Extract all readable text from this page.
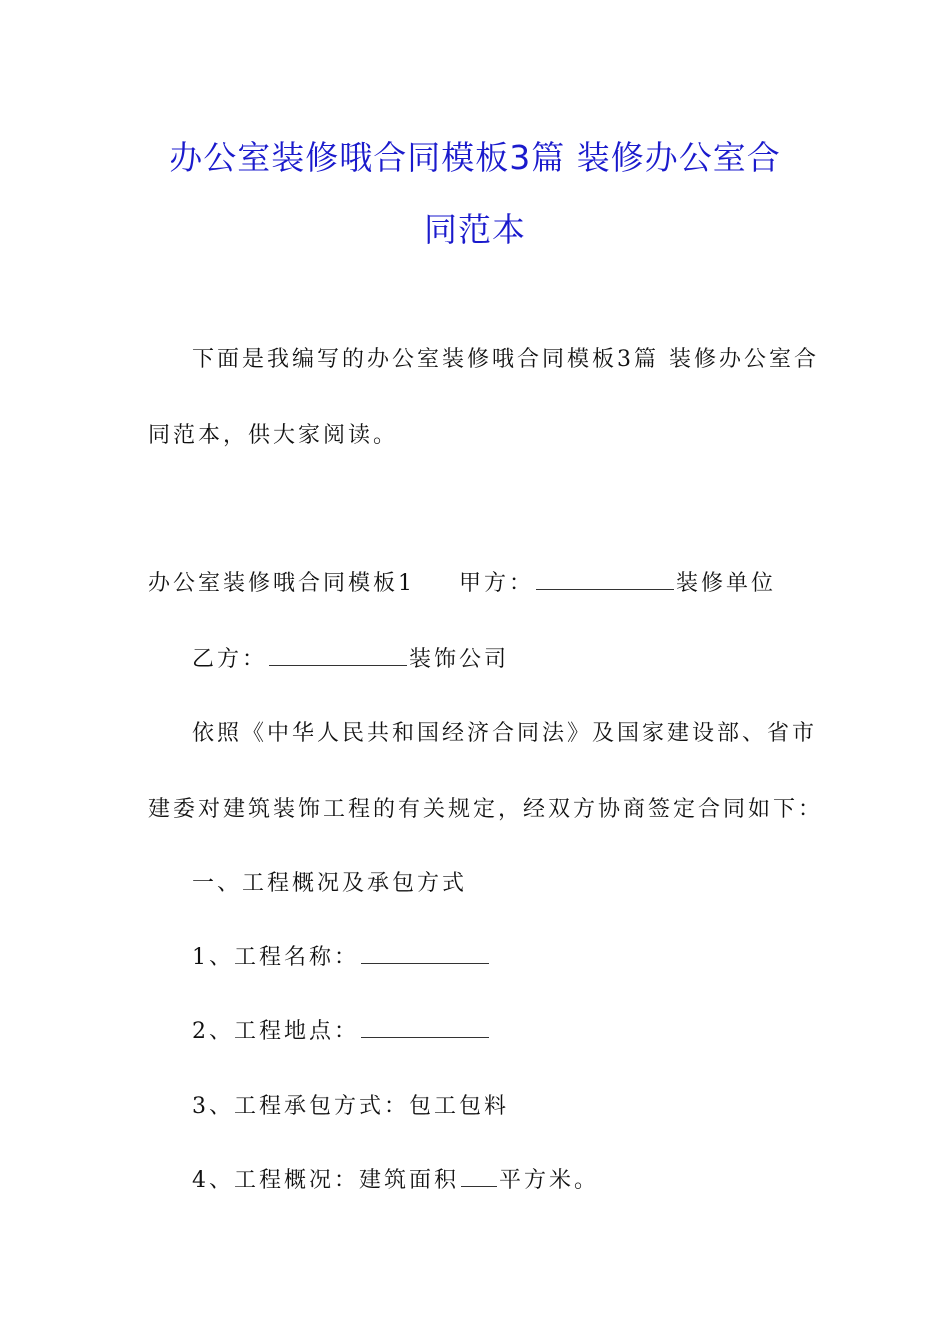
办公室装修哦合同模板3篇 装修办公室合
同范本
下面是我编写的办公室装修哦合同模板3篇 装修办公室合
同范本，供大家阅读。
办公室装修哦合同模板1 甲方：	装修单位
乙方：	装饰公司
依照《中华人民共和国经济合同法》及国家建设部、省市
建委对建筑装饰工程的有关规定，经双方协商签定合同如下：
一、工程概况及承包方式
1、工程名称：
2、工程地点：
3、工程承包方式：包工包料
4、工程概况：建筑面积 平方米。
